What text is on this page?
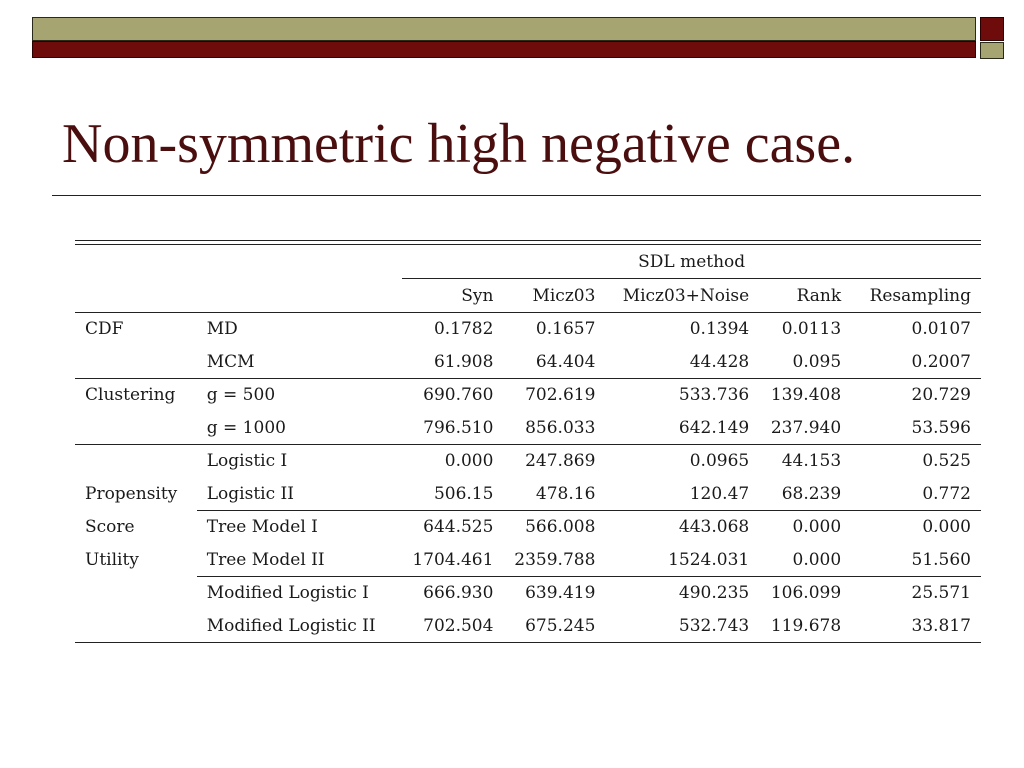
Non-symmetric high negative case.
		SDL method				
		Syn	Micz03	Micz03+Noise	Rank	Resampling
CDF	MD	0.1782	0.1657	0.1394	0.0113	0.0107
	MCM	61.908	64.404	44.428	0.095	0.2007
Clustering	g = 500	690.760	702.619	533.736	139.408	20.729
	g = 1000	796.510	856.033	642.149	237.940	53.596
	Logistic I	0.000	247.869	0.0965	44.153	0.525
Propensity	Logistic II	506.15	478.16	120.47	68.239	0.772
Score	Tree Model I	644.525	566.008	443.068	0.000	0.000
Utility	Tree Model II	1704.461	2359.788	1524.031	0.000	51.560
	Modified Logistic I	666.930	639.419	490.235	106.099	25.571
	Modified Logistic II	702.504	675.245	532.743	119.678	33.817
